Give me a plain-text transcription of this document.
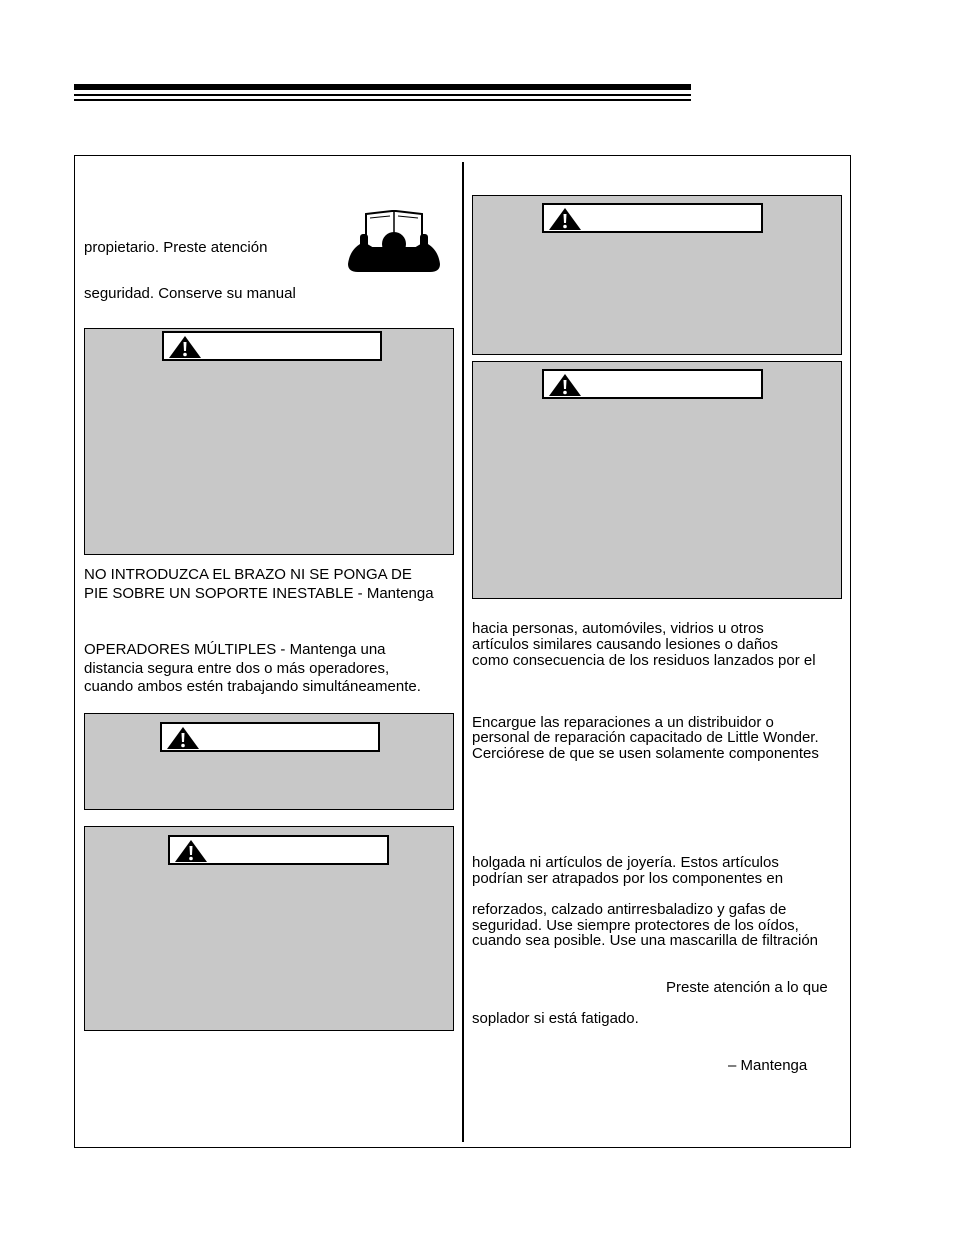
propietario. Preste atención

seguridad. Conserve su manual

NO INTRODUZCA EL BRAZO NI SE PONGA DE

PIE SOBRE UN SOPORTE INESTABLE - Mantenga

OPERADORES MÚLTIPLES - Mantenga una

distancia segura entre dos o más operadores,

cuando ambos estén trabajando simultáneamente.

hacia personas, automóviles, vidrios u otros

artículos similares causando lesiones o daños

como consecuencia de los residuos lanzados por el

Encargue las reparaciones a un distribuidor o

personal de reparación capacitado de Little Wonder.

Cerciórese de que se usen solamente componentes

holgada ni artículos de joyería. Estos artículos

podrían ser atrapados por los componentes en

reforzados, calzado antirresbaladizo y gafas de

seguridad. Use siempre protectores de los oídos,

cuando sea posible. Use una mascarilla de filtración

Preste atención a lo que

soplador si está fatigado.

– Mantenga
